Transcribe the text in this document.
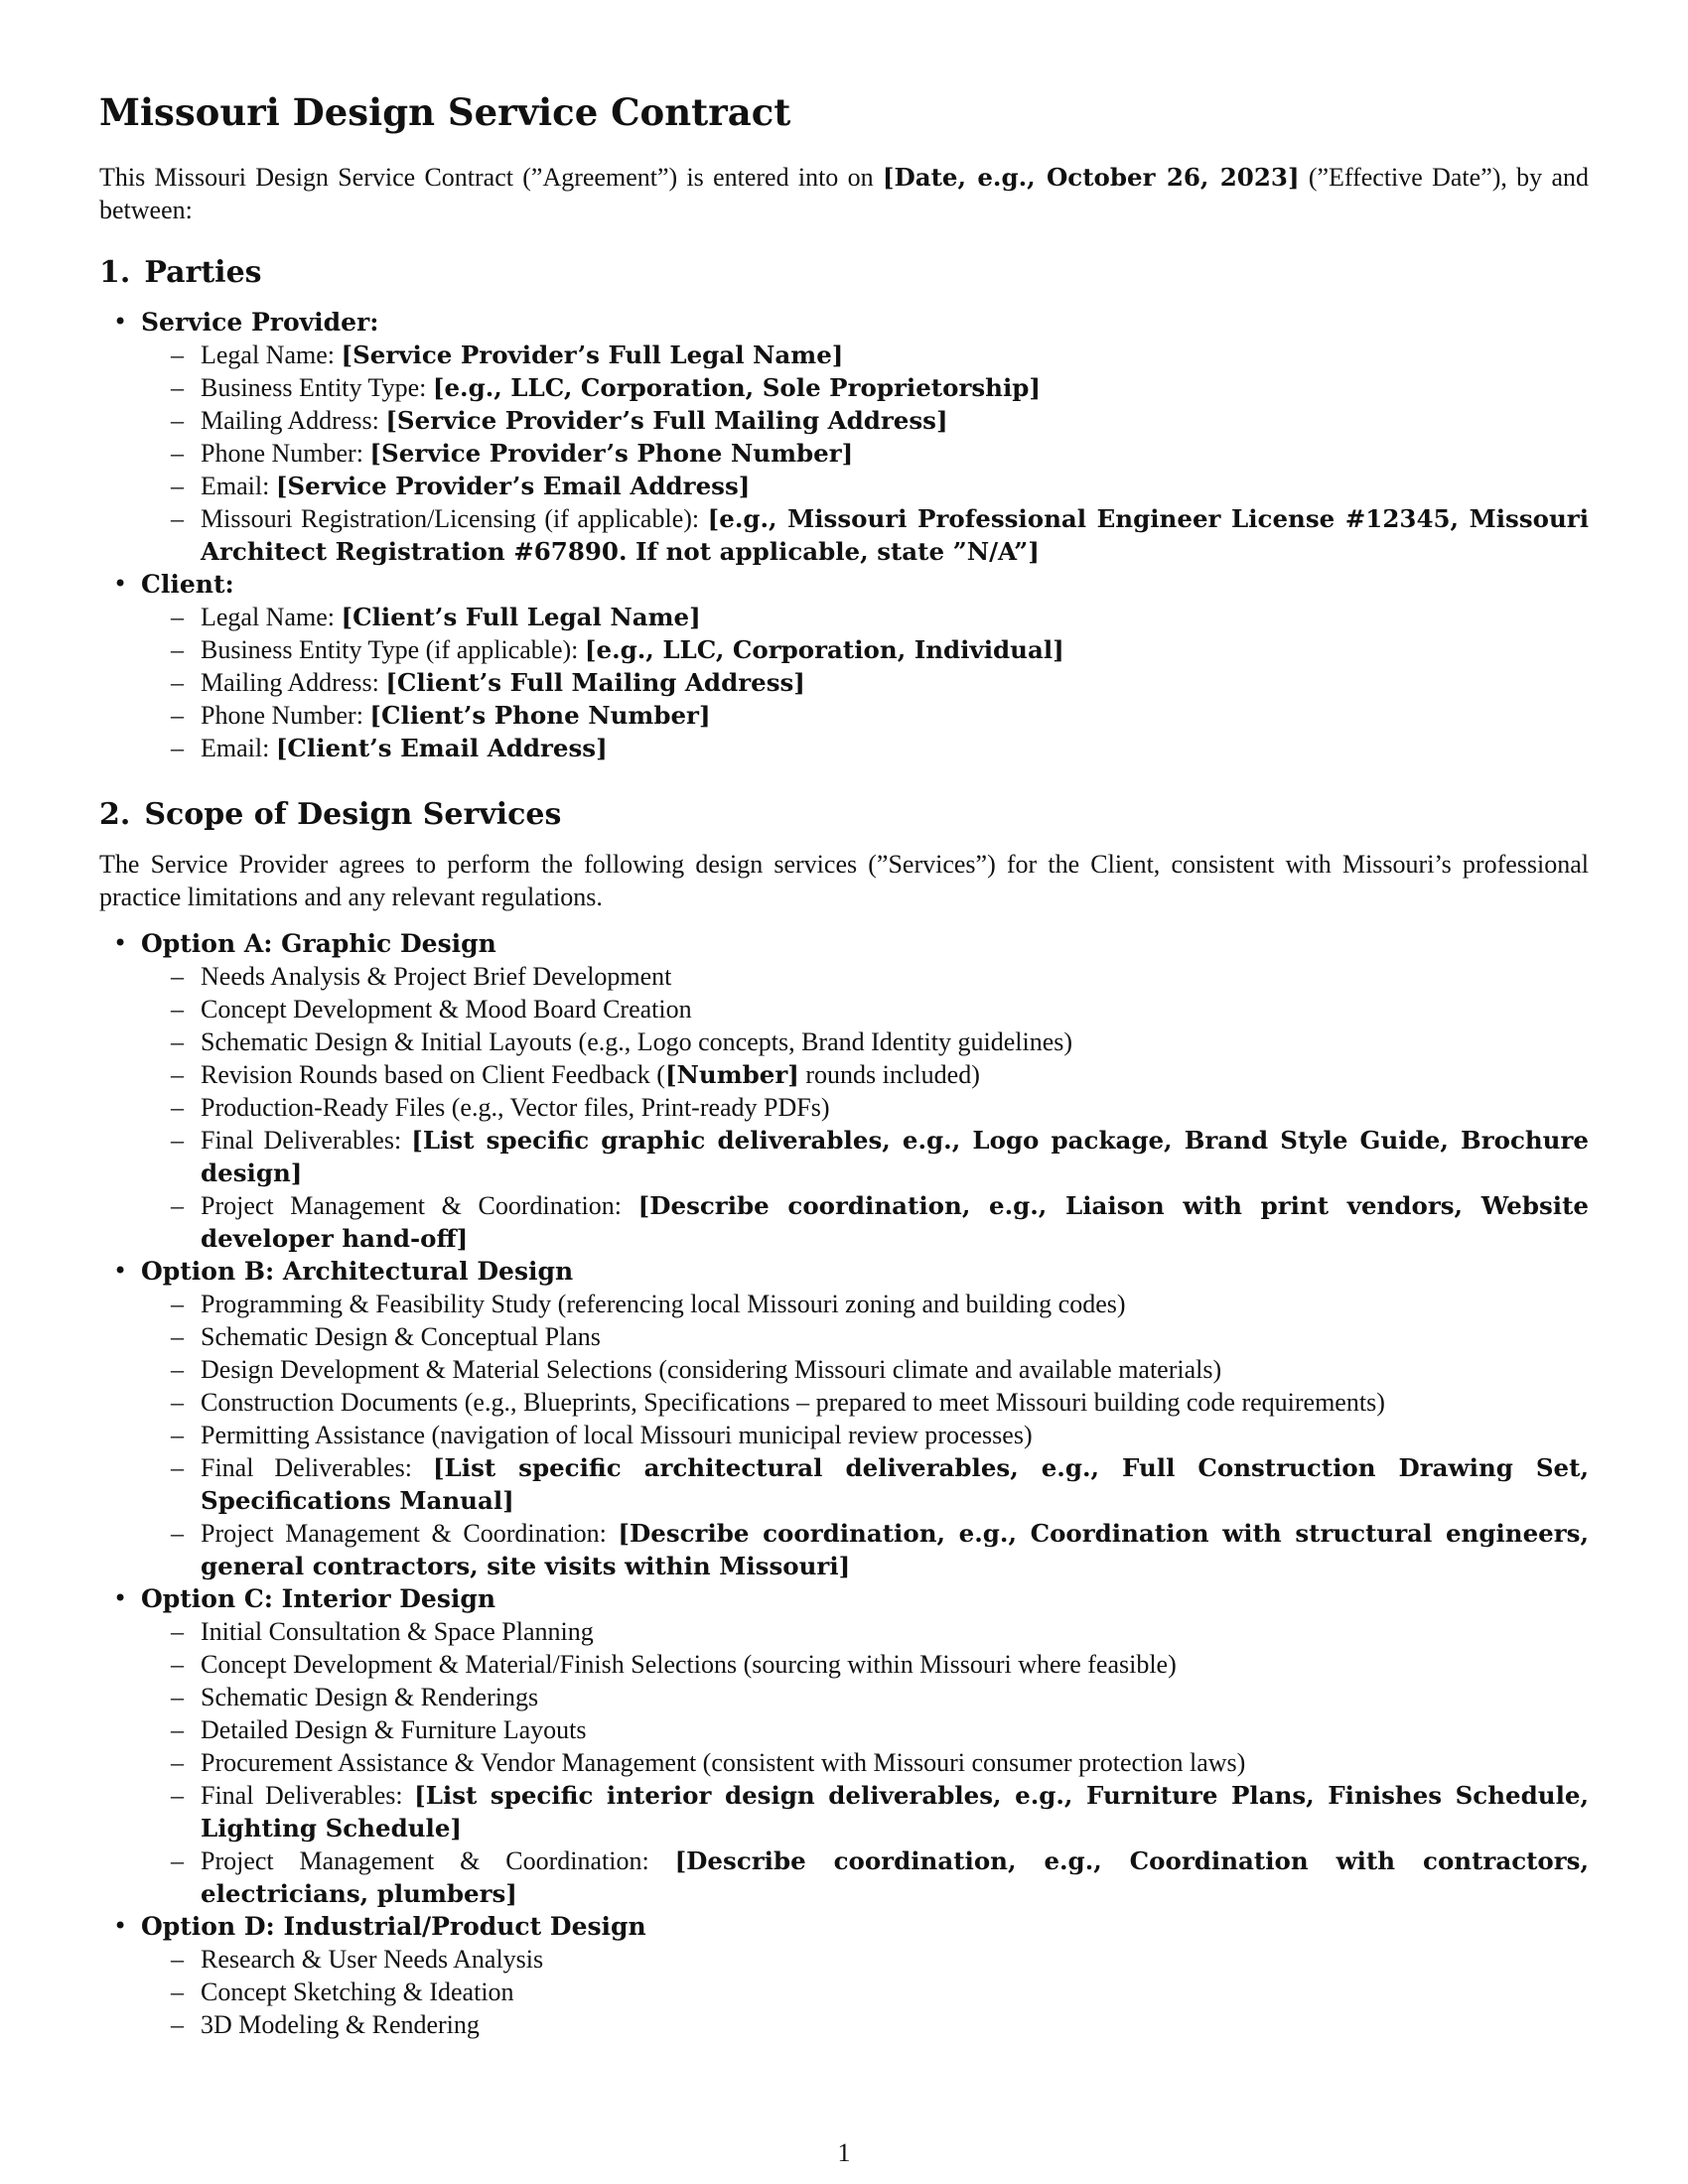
Missouri Design Service Contract

This Missouri Design Service Contract (”Agreement”) is entered into on [Date, e.g., October 26, 2023] (”Effective Date”), by and between:

1. Parties
• Service Provider:
– Legal Name: [Service Provider’s Full Legal Name]
– Business Entity Type: [e.g., LLC, Corporation, Sole Proprietorship]
– Mailing Address: [Service Provider’s Full Mailing Address]
– Phone Number: [Service Provider’s Phone Number]
– Email: [Service Provider’s Email Address]
– Missouri Registration/Licensing (if applicable): [e.g., Missouri Professional Engineer License #12345, Missouri Architect Registration #67890. If not applicable, state ”N/A”]
• Client:
– Legal Name: [Client’s Full Legal Name]
– Business Entity Type (if applicable): [e.g., LLC, Corporation, Individual]
– Mailing Address: [Client’s Full Mailing Address]
– Phone Number: [Client’s Phone Number]
– Email: [Client’s Email Address]
2. Scope of Design Services

The Service Provider agrees to perform the following design services (”Services”) for the Client, consistent with Missouri’s professional practice limitations and any relevant regulations.

• Option A: Graphic Design
– Needs Analysis & Project Brief Development
– Concept Development & Mood Board Creation
– Schematic Design & Initial Layouts (e.g., Logo concepts, Brand Identity guidelines)
– Revision Rounds based on Client Feedback ([Number] rounds included)
– Production-Ready Files (e.g., Vector files, Print-ready PDFs)
– Final Deliverables: [List specific graphic deliverables, e.g., Logo package, Brand Style Guide, Brochure design]
– Project Management & Coordination: [Describe coordination, e.g., Liaison with print vendors, Website developer hand-off]
• Option B: Architectural Design
– Programming & Feasibility Study (referencing local Missouri zoning and building codes)
– Schematic Design & Conceptual Plans
– Design Development & Material Selections (considering Missouri climate and available materials)
– Construction Documents (e.g., Blueprints, Specifications – prepared to meet Missouri building code requirements)
– Permitting Assistance (navigation of local Missouri municipal review processes)
– Final Deliverables: [List specific architectural deliverables, e.g., Full Construction Drawing Set, Specifications Manual]
– Project Management & Coordination: [Describe coordination, e.g., Coordination with structural engineers, general contractors, site visits within Missouri]
• Option C: Interior Design
– Initial Consultation & Space Planning
– Concept Development & Material/Finish Selections (sourcing within Missouri where feasible)
– Schematic Design & Renderings
– Detailed Design & Furniture Layouts
– Procurement Assistance & Vendor Management (consistent with Missouri consumer protection laws)
– Final Deliverables: [List specific interior design deliverables, e.g., Furniture Plans, Finishes Schedule, Lighting Schedule]
– Project Management & Coordination: [Describe coordination, e.g., Coordination with contractors, electricians, plumbers]
• Option D: Industrial/Product Design
– Research & User Needs Analysis
– Concept Sketching & Ideation
– 3D Modeling & Rendering
1
